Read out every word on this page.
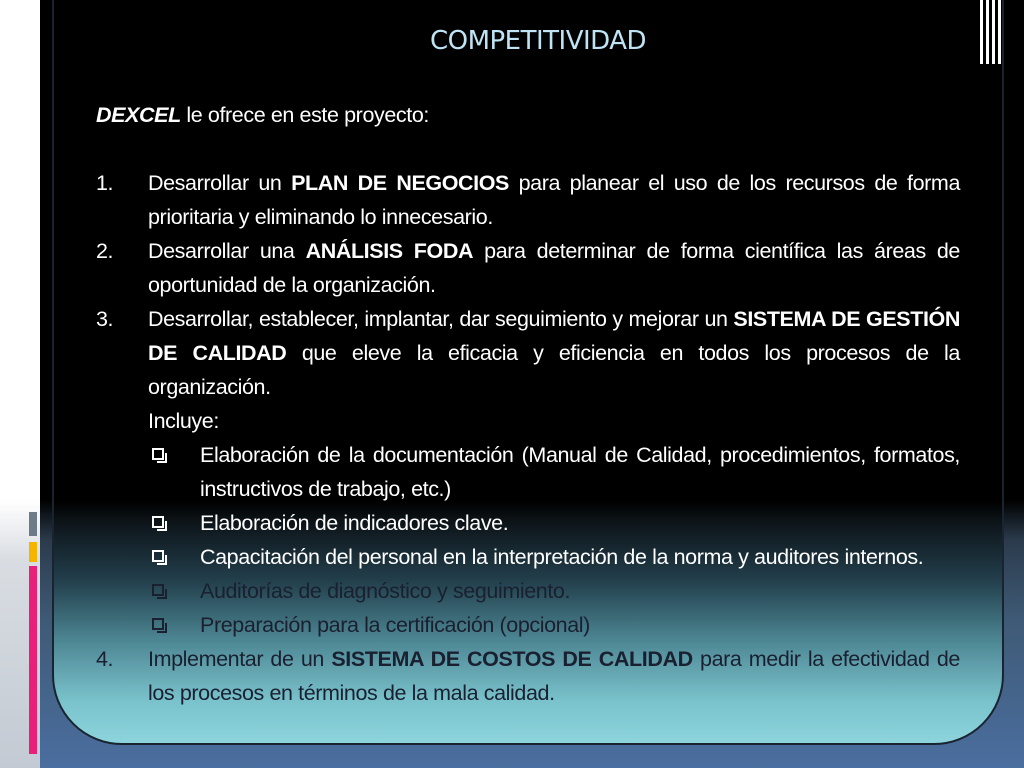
COMPETITIVIDAD
DEXCEL le ofrece en este proyecto:
1.	Desarrollar un PLAN DE NEGOCIOS para planear el uso de los recursos de forma prioritaria y eliminando lo innecesario.
2.	Desarrollar una ANÁLISIS FODA para determinar de forma científica las áreas de oportunidad de la organización.
3.	Desarrollar, establecer, implantar, dar seguimiento y mejorar un SISTEMA DE GESTIÓN DE CALIDAD que eleve la eficacia y eficiencia en todos los procesos de la organización.
Incluye:
Elaboración de la documentación (Manual de Calidad, procedimientos, formatos, instructivos de trabajo, etc.)
Elaboración de indicadores clave.
Capacitación del personal en la interpretación de la norma y auditores internos.
Auditorías de diagnóstico y seguimiento.
Preparación para la certificación (opcional)
4.	Implementar de un SISTEMA DE COSTOS DE CALIDAD para medir la efectividad de los procesos en términos de la mala calidad.
